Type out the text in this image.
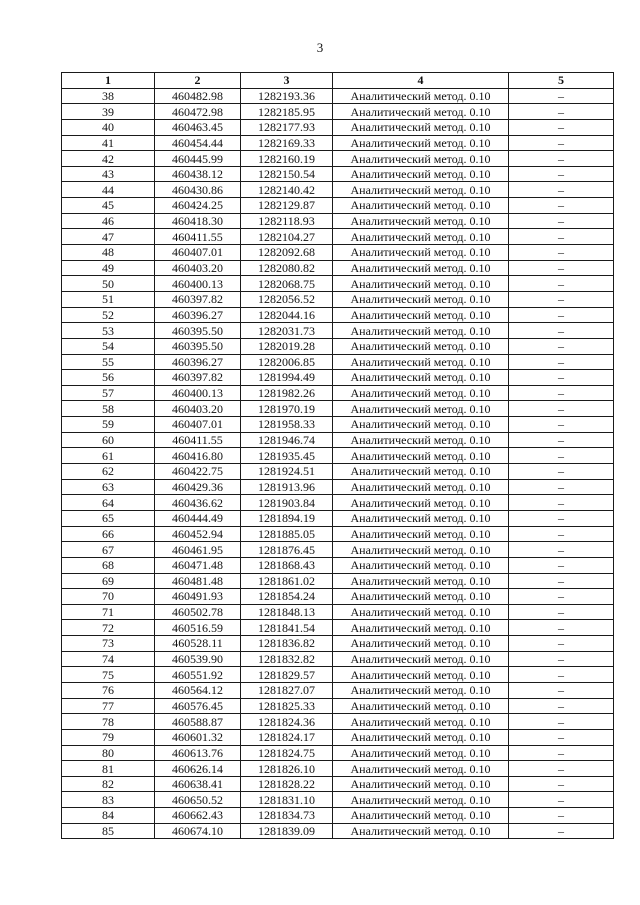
3
1	2	3	4	5
38	460482.98	1282193.36	Аналитический метод. 0.10	–
39	460472.98	1282185.95	Аналитический метод. 0.10	–
40	460463.45	1282177.93	Аналитический метод. 0.10	–
41	460454.44	1282169.33	Аналитический метод. 0.10	–
42	460445.99	1282160.19	Аналитический метод. 0.10	–
43	460438.12	1282150.54	Аналитический метод. 0.10	–
44	460430.86	1282140.42	Аналитический метод. 0.10	–
45	460424.25	1282129.87	Аналитический метод. 0.10	–
46	460418.30	1282118.93	Аналитический метод. 0.10	–
47	460411.55	1282104.27	Аналитический метод. 0.10	–
48	460407.01	1282092.68	Аналитический метод. 0.10	–
49	460403.20	1282080.82	Аналитический метод. 0.10	–
50	460400.13	1282068.75	Аналитический метод. 0.10	–
51	460397.82	1282056.52	Аналитический метод. 0.10	–
52	460396.27	1282044.16	Аналитический метод. 0.10	–
53	460395.50	1282031.73	Аналитический метод. 0.10	–
54	460395.50	1282019.28	Аналитический метод. 0.10	–
55	460396.27	1282006.85	Аналитический метод. 0.10	–
56	460397.82	1281994.49	Аналитический метод. 0.10	–
57	460400.13	1281982.26	Аналитический метод. 0.10	–
58	460403.20	1281970.19	Аналитический метод. 0.10	–
59	460407.01	1281958.33	Аналитический метод. 0.10	–
60	460411.55	1281946.74	Аналитический метод. 0.10	–
61	460416.80	1281935.45	Аналитический метод. 0.10	–
62	460422.75	1281924.51	Аналитический метод. 0.10	–
63	460429.36	1281913.96	Аналитический метод. 0.10	–
64	460436.62	1281903.84	Аналитический метод. 0.10	–
65	460444.49	1281894.19	Аналитический метод. 0.10	–
66	460452.94	1281885.05	Аналитический метод. 0.10	–
67	460461.95	1281876.45	Аналитический метод. 0.10	–
68	460471.48	1281868.43	Аналитический метод. 0.10	–
69	460481.48	1281861.02	Аналитический метод. 0.10	–
70	460491.93	1281854.24	Аналитический метод. 0.10	–
71	460502.78	1281848.13	Аналитический метод. 0.10	–
72	460516.59	1281841.54	Аналитический метод. 0.10	–
73	460528.11	1281836.82	Аналитический метод. 0.10	–
74	460539.90	1281832.82	Аналитический метод. 0.10	–
75	460551.92	1281829.57	Аналитический метод. 0.10	–
76	460564.12	1281827.07	Аналитический метод. 0.10	–
77	460576.45	1281825.33	Аналитический метод. 0.10	–
78	460588.87	1281824.36	Аналитический метод. 0.10	–
79	460601.32	1281824.17	Аналитический метод. 0.10	–
80	460613.76	1281824.75	Аналитический метод. 0.10	–
81	460626.14	1281826.10	Аналитический метод. 0.10	–
82	460638.41	1281828.22	Аналитический метод. 0.10	–
83	460650.52	1281831.10	Аналитический метод. 0.10	–
84	460662.43	1281834.73	Аналитический метод. 0.10	–
85	460674.10	1281839.09	Аналитический метод. 0.10	–
